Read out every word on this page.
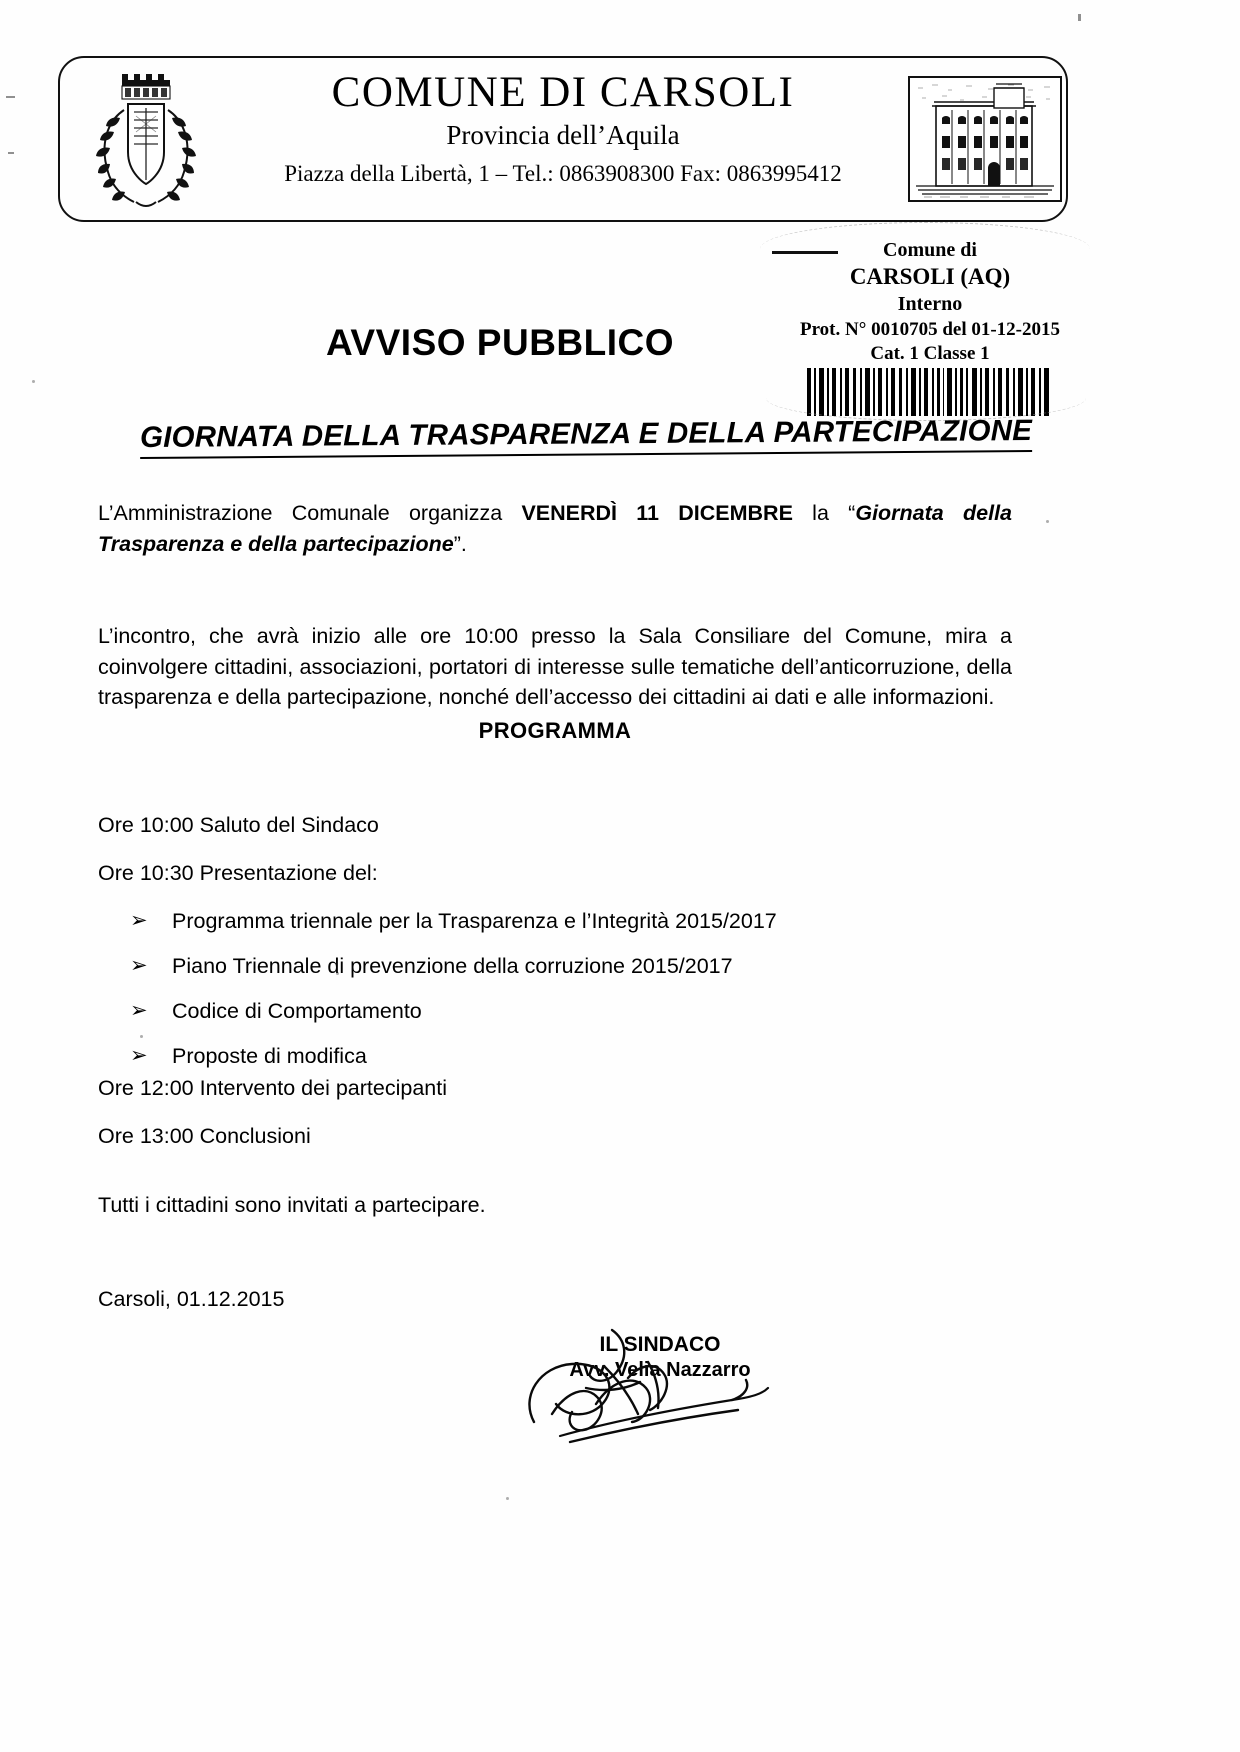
COMUNE DI CARSOLI
Provincia dell’Aquila
Piazza della Libertà, 1 – Tel.: 0863908300 Fax: 0863995412
Comune di
CARSOLI (AQ)
Interno
Prot. N° 0010705 del 01-12-2015
Cat. 1 Classe 1
AVVISO PUBBLICO
GIORNATA DELLA TRASPARENZA E DELLA PARTECIPAZIONE

L’Amministrazione Comunale organizza VENERDÌ 11 DICEMBRE la “Giornata della Trasparenza e della partecipazione”.

L’incontro, che avrà inizio alle ore 10:00 presso la Sala Consiliare del Comune, mira a coinvolgere cittadini, associazioni, portatori di interesse sulle tematiche dell’anticorruzione, della trasparenza e della partecipazione, nonché dell’accesso dei cittadini ai dati e alle informazioni.

PROGRAMMA
Ore 10:00 Saluto del Sindaco
Ore 10:30 Presentazione del:
➢ Programma triennale per la Trasparenza e l’Integrità 2015/2017
➢ Piano Triennale di prevenzione della corruzione 2015/2017
➢ Codice di Comportamento
➢ Proposte di modifica
Ore 12:00 Intervento dei partecipanti
Ore 13:00 Conclusioni
Tutti i cittadini sono invitati a partecipare.
Carsoli, 01.12.2015
IL SINDACO
Avv. Velia Nazzarro
